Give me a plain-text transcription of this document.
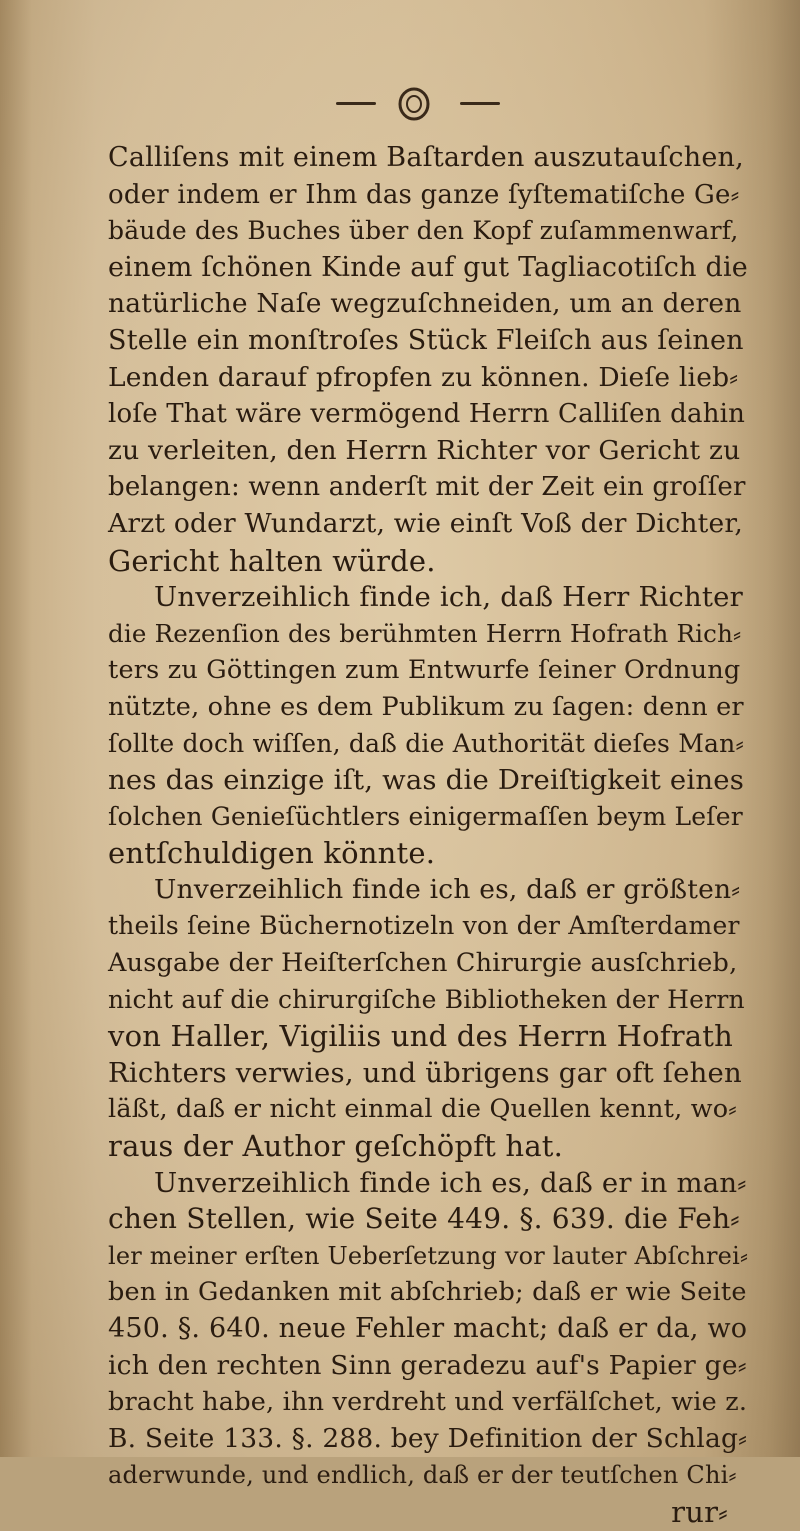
Calliſens mit einem Baſtarden auszutauſchen,
oder indem er Ihm das ganze ſyſtematiſche Ge⸗
bäude des Buches über den Kopf zuſammenwarf,
einem ſchönen Kinde auf gut Tagliacotiſch die
natürliche Naſe wegzuſchneiden, um an deren
Stelle ein monſtroſes Stück Fleiſch aus ſeinen
Lenden darauf pfropfen zu können. Dieſe lieb⸗
loſe That wäre vermögend Herrn Calliſen dahin
zu verleiten, den Herrn Richter vor Gericht zu
belangen: wenn anderſt mit der Zeit ein groſſer
Arzt oder Wundarzt, wie einſt Voß der Dichter,
Gericht halten würde.
Unverzeihlich finde ich, daß Herr Richter
die Rezenſion des berühmten Herrn Hofrath Rich⸗
ters zu Göttingen zum Entwurfe ſeiner Ordnung
nützte, ohne es dem Publikum zu ſagen: denn er
ſollte doch wiſſen, daß die Authorität dieſes Man⸗
nes das einzige iſt, was die Dreiſtigkeit eines
ſolchen Genieſüchtlers einigermaſſen beym Leſer
entſchuldigen könnte.
Unverzeihlich finde ich es, daß er größten⸗
theils ſeine Büchernotizeln von der Amſterdamer
Ausgabe der Heiſterſchen Chirurgie ausſchrieb,
nicht auf die chirurgiſche Bibliotheken der Herrn
von Haller, Vigiliis und des Herrn Hofrath
Richters verwies, und übrigens gar oft ſehen
läßt, daß er nicht einmal die Quellen kennt, wo⸗
raus der Author geſchöpft hat.
Unverzeihlich finde ich es, daß er in man⸗
chen Stellen, wie Seite 449. §. 639. die Feh⸗
ler meiner erſten Ueberſetzung vor lauter Abſchrei⸗
ben in Gedanken mit abſchrieb; daß er wie Seite
450. §. 640. neue Fehler macht; daß er da, wo
ich den rechten Sinn geradezu auf's Papier ge⸗
bracht habe, ihn verdreht und verfälſchet, wie z.
B. Seite 133. §. 288. bey Definition der Schlag⸗
aderwunde, und endlich, daß er der teutſchen Chi⸗
rur⸗
